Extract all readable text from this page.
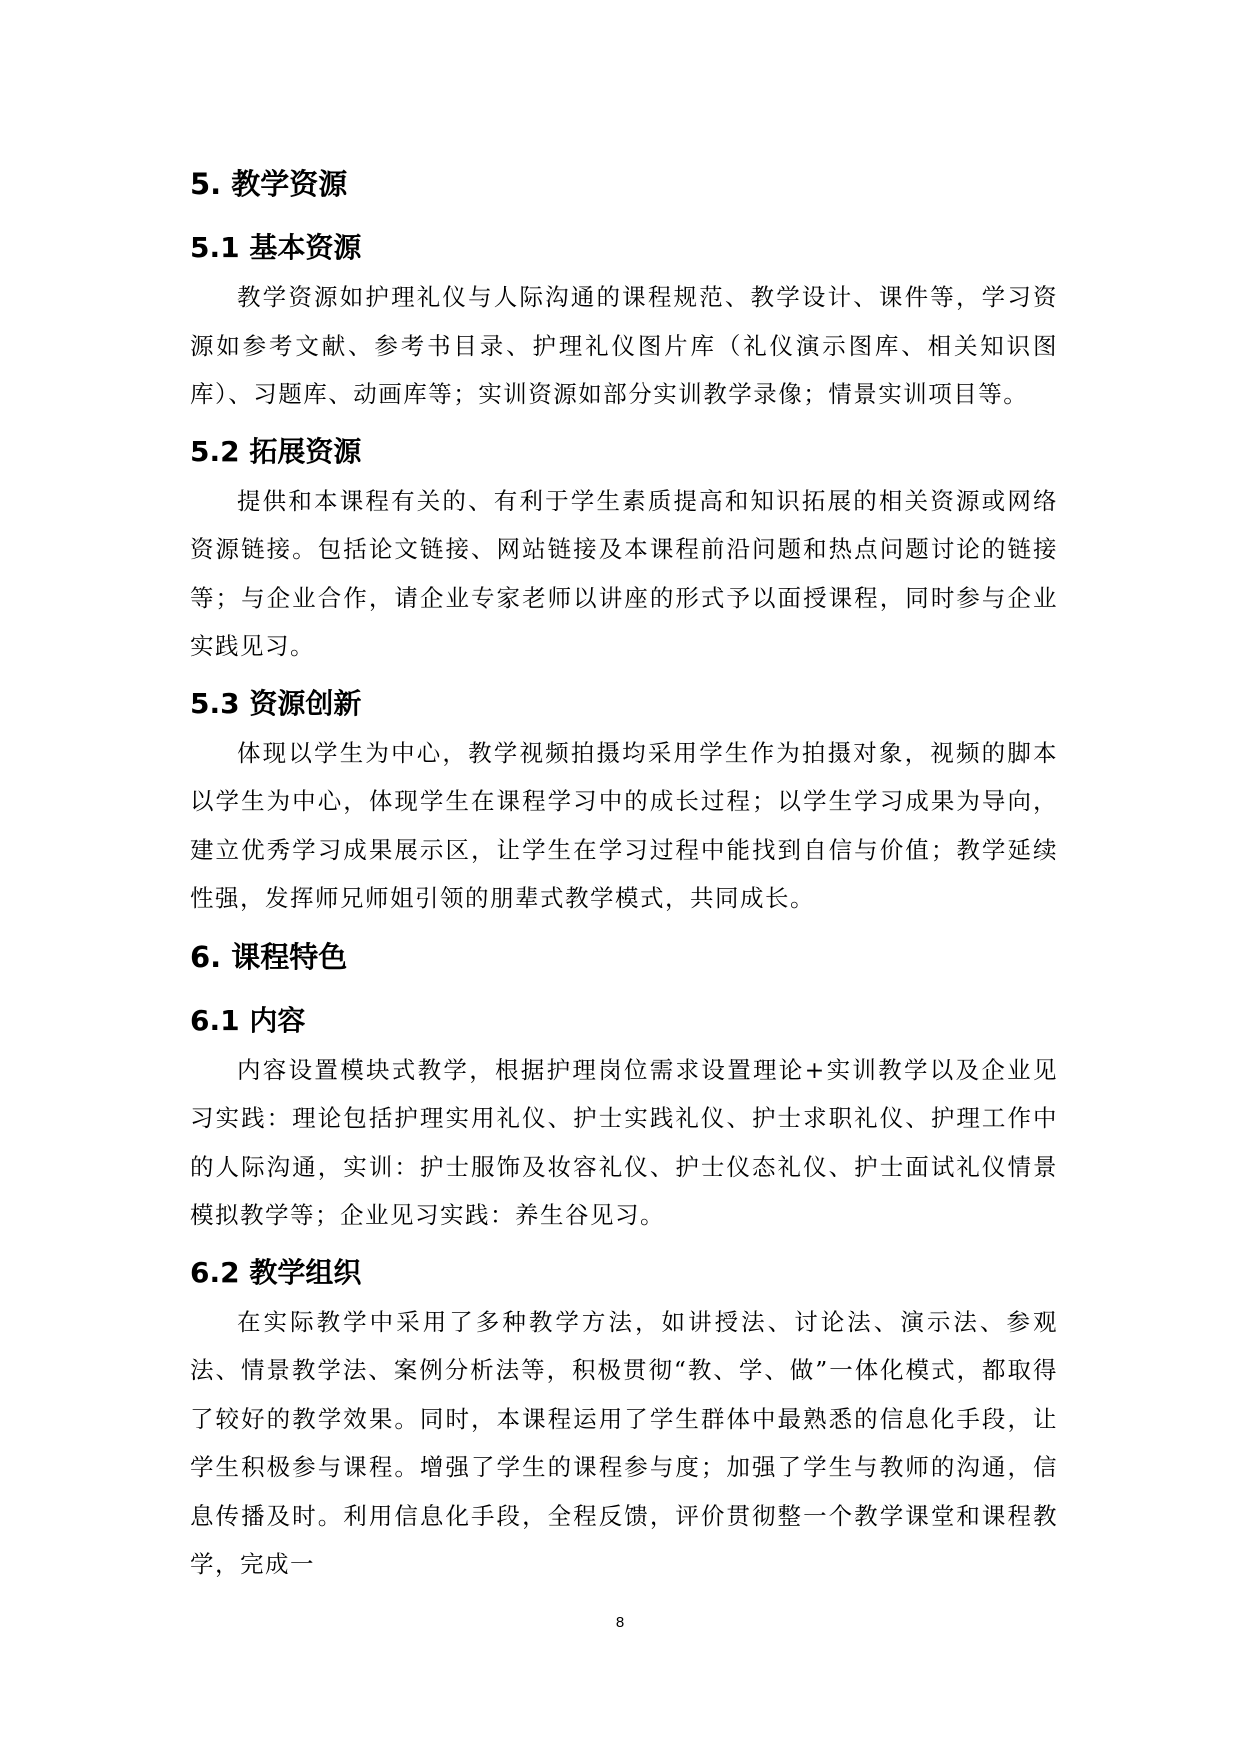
5. 教学资源
5.1 基本资源

教学资源如护理礼仪与人际沟通的课程规范、教学设计、课件等，学习资源如参考文献、参考书目录、护理礼仪图片库（礼仪演示图库、相关知识图库）、习题库、动画库等；实训资源如部分实训教学录像；情景实训项目等。

5.2 拓展资源

提供和本课程有关的、有利于学生素质提高和知识拓展的相关资源或网络资源链接。包括论文链接、网站链接及本课程前沿问题和热点问题讨论的链接等；与企业合作，请企业专家老师以讲座的形式予以面授课程，同时参与企业实践见习。

5.3 资源创新

体现以学生为中心，教学视频拍摄均采用学生作为拍摄对象，视频的脚本以学生为中心，体现学生在课程学习中的成长过程；以学生学习成果为导向，建立优秀学习成果展示区，让学生在学习过程中能找到自信与价值；教学延续性强，发挥师兄师姐引领的朋辈式教学模式，共同成长。

6. 课程特色
6.1 内容

内容设置模块式教学，根据护理岗位需求设置理论+实训教学以及企业见习实践：理论包括护理实用礼仪、护士实践礼仪、护士求职礼仪、护理工作中的人际沟通，实训：护士服饰及妆容礼仪、护士仪态礼仪、护士面试礼仪情景模拟教学等；企业见习实践：养生谷见习。

6.2 教学组织

在实际教学中采用了多种教学方法，如讲授法、讨论法、演示法、参观法、情景教学法、案例分析法等，积极贯彻“教、学、做”一体化模式，都取得了较好的教学效果。同时，本课程运用了学生群体中最熟悉的信息化手段，让学生积极参与课程。增强了学生的课程参与度；加强了学生与教师的沟通，信息传播及时。利用信息化手段，全程反馈，评价贯彻整一个教学课堂和课程教学，完成一

8
